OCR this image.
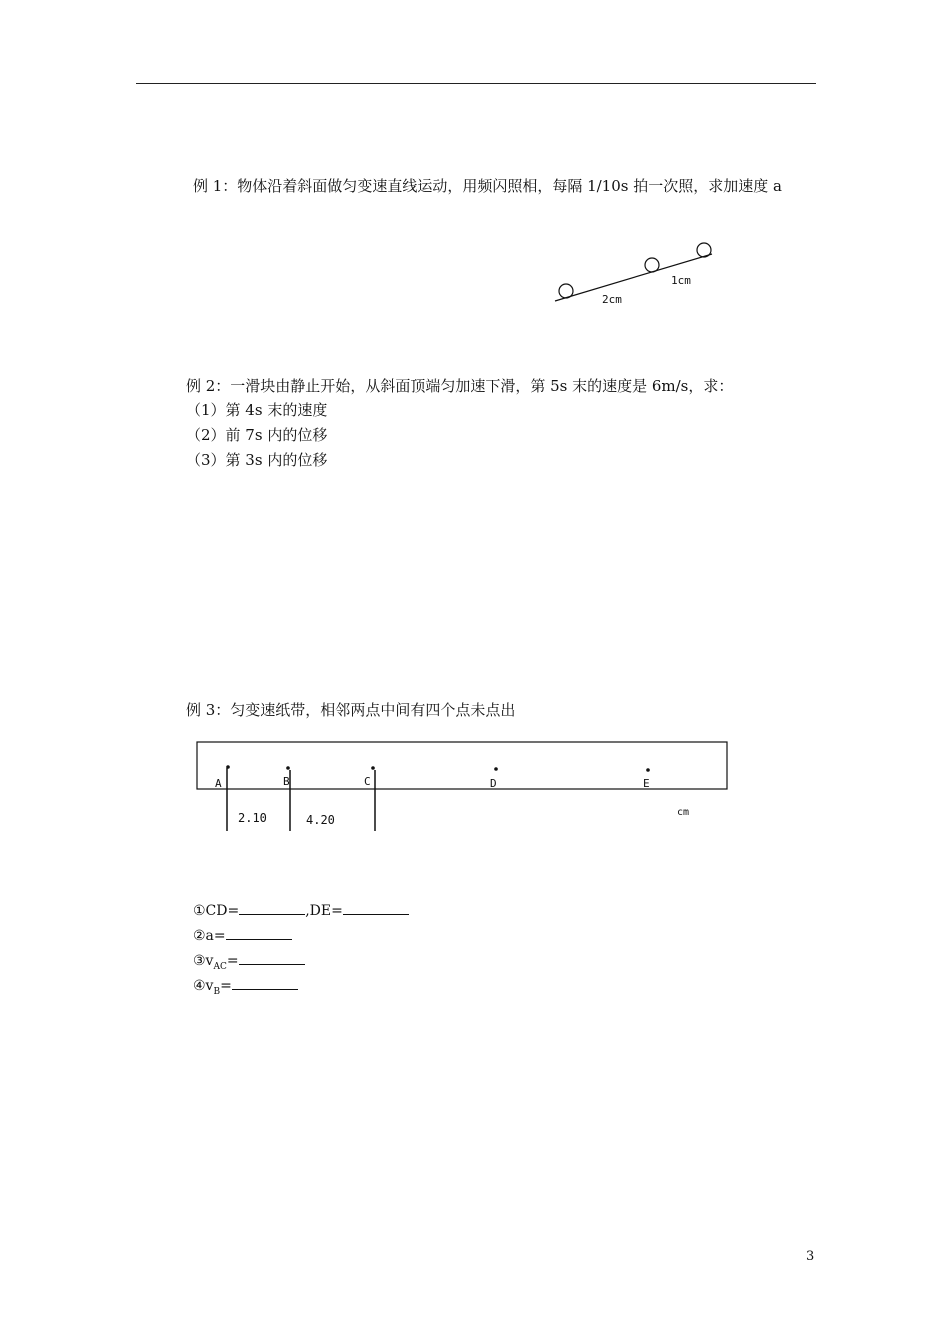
例 1：物体沿着斜面做匀变速直线运动，用频闪照相，每隔 1/10s 拍一次照，求加速度 a
2cm
1cm
例 2：一滑块由静止开始，从斜面顶端匀加速下滑，第 5s 末的速度是 6m/s，求：
（1）第 4s 末的速度
（2）前 7s 内的位移
（3）第 3s 内的位移
例 3：匀变速纸带，相邻两点中间有四个点未点出
A	B	C	D	E
2.10	4.20
cm
①CD=	,DE=
②a=
$③v_{AC}=$
$④v_B=$
3
